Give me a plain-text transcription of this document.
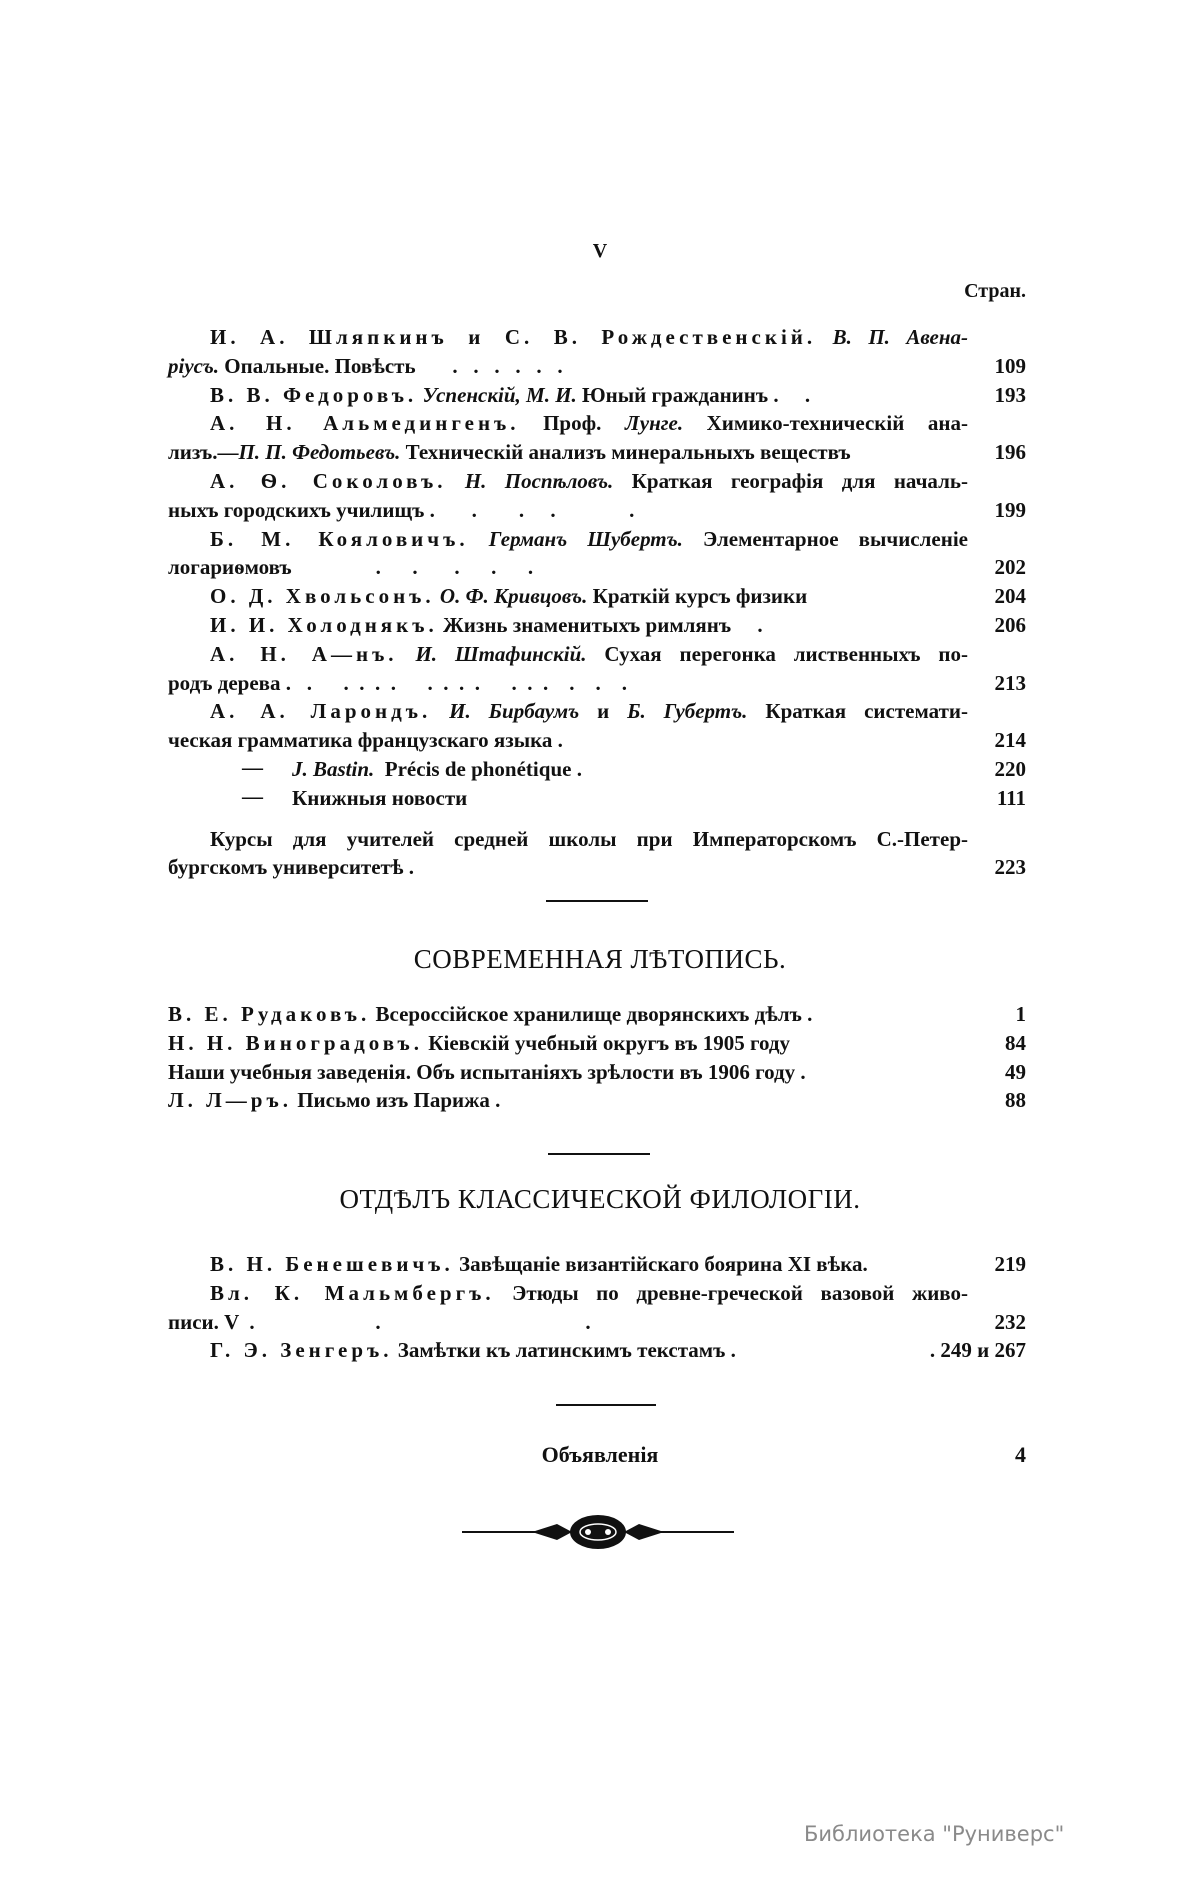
V
Стран.
И. А. Шляпкинъ и С. В. Рождественскій. В. П. Авена-
ріусъ. Опальные. Повѣсть       .   .   .   .   .   .	109
В. В. Федоровъ. Успенскій, М. И. Юный гражданинъ .     .	193
А. Н. Альмедингенъ. Проф. Лунге. Химико-техническій ана-
лизъ.—П. П. Федотьевъ. Техническій анализъ минеральныхъ веществъ	196
А. Ѳ. Соколовъ. Н. Поспѣловъ. Краткая географія для началь-
ныхъ городскихъ училищъ .       .        .     .              .	199
Б. М. Кояловичъ. Германъ Шубертъ. Элементарное вычисленіе
логариѳмовъ                .      .       .      .      .	202
О. Д. Хвольсонъ. О. Ф. Кривцовъ. Краткій курсъ физики	204
И. И. Холоднякъ. Жизнь знаменитыхъ римлянъ     .	206
А. Н. А—нъ. И. Штафинскій. Сухая перегонка лиственныхъ по-
родъ дерева .   .      .  .  .  .      .  .  .  .      .  .  .    .    .    .	213
А. А. Ларондъ. И. Бирбаумъ и Б. Губертъ. Краткая системати-
ческая грамматика французскаго языка .	214
— J. Bastin.  Précis de phonétique .	220
— Книжныя новости	111
Курсы для учителей средней школы при Императорскомъ С.-Петер-
бургскомъ университетѣ .	223
В. Е. Рудаковъ. Всероссійское хранилище дворянскихъ дѣлъ .	1
Н. Н. Виноградовъ. Кіевскій учебный округъ въ 1905 году	84
Наши учебныя заведенія. Объ испытаніяхъ зрѣлости въ 1906 году .	49
Л. Л—ръ. Письмо изъ Парижа .	88
В. Н. Бенешевичъ. Завѣщаніе византійскаго боярина XI вѣка.	219
Вл. К. Мальмбергъ. Этюды по древне-греческой вазовой живо-
писи. V  .                       .                                       .	232
Г. Э. Зенгеръ. Замѣтки къ латинскимъ текстамъ .	. 249 и 267
СОВРЕМЕННАЯ ЛѢТОПИСЬ.
ОТДѢЛЪ КЛАССИЧЕСКОЙ ФИЛОЛОГІИ.
Объявленія	4
Библиотека "Руниверс"
